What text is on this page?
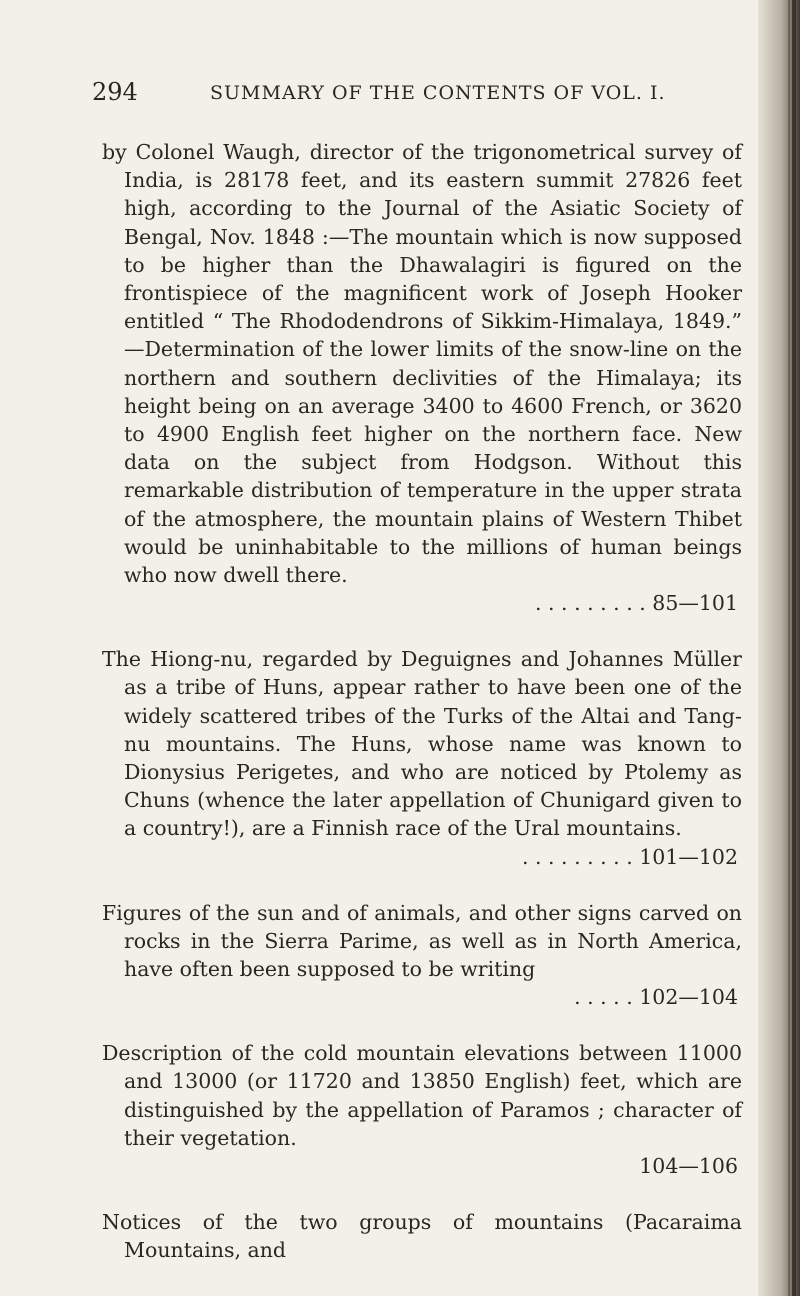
294	SUMMARY OF THE CONTENTS OF VOL. I.

by Colonel Waugh, director of the trigonometrical survey of India, is 28178 feet, and its eastern summit 27826 feet high, according to the Journal of the Asiatic Society of Bengal, Nov. 1848 :—The mountain which is now supposed to be higher than the Dhawalagiri is figured on the frontispiece of the magnificent work of Joseph Hooker entitled “ The Rhododendrons of Sikkim-Himalaya, 1849.” —Determination of the lower limits of the snow-line on the northern and southern declivities of the Himalaya; its height being on an average 3400 to 4600 French, or 3620 to 4900 English feet higher on the northern face. New data on the subject from Hodgson. Without this remarkable distribution of temperature in the upper strata of the atmosphere, the mountain plains of Western Thibet would be uninhabitable to the millions of human beings who now dwell there.

. . . . . . . . . 85—101

The Hiong-nu, regarded by Deguignes and Johannes Müller as a tribe of Huns, appear rather to have been one of the widely scattered tribes of the Turks of the Altai and Tang-nu mountains. The Huns, whose name was known to Dionysius Perigetes, and who are noticed by Ptolemy as Chuns (whence the later appellation of Chunigard given to a country!), are a Finnish race of the Ural mountains.

. . . . . . . . . 101—102

Figures of the sun and of animals, and other signs carved on rocks in the Sierra Parime, as well as in North America, have often been supposed to be writing

. . . . . 102—104

Description of the cold mountain elevations between 11000 and 13000 (or 11720 and 13850 English) feet, which are distinguished by the appellation of Paramos ; character of their vegetation.

104—106

Notices of the two groups of mountains (Pacaraima Mountains, and
